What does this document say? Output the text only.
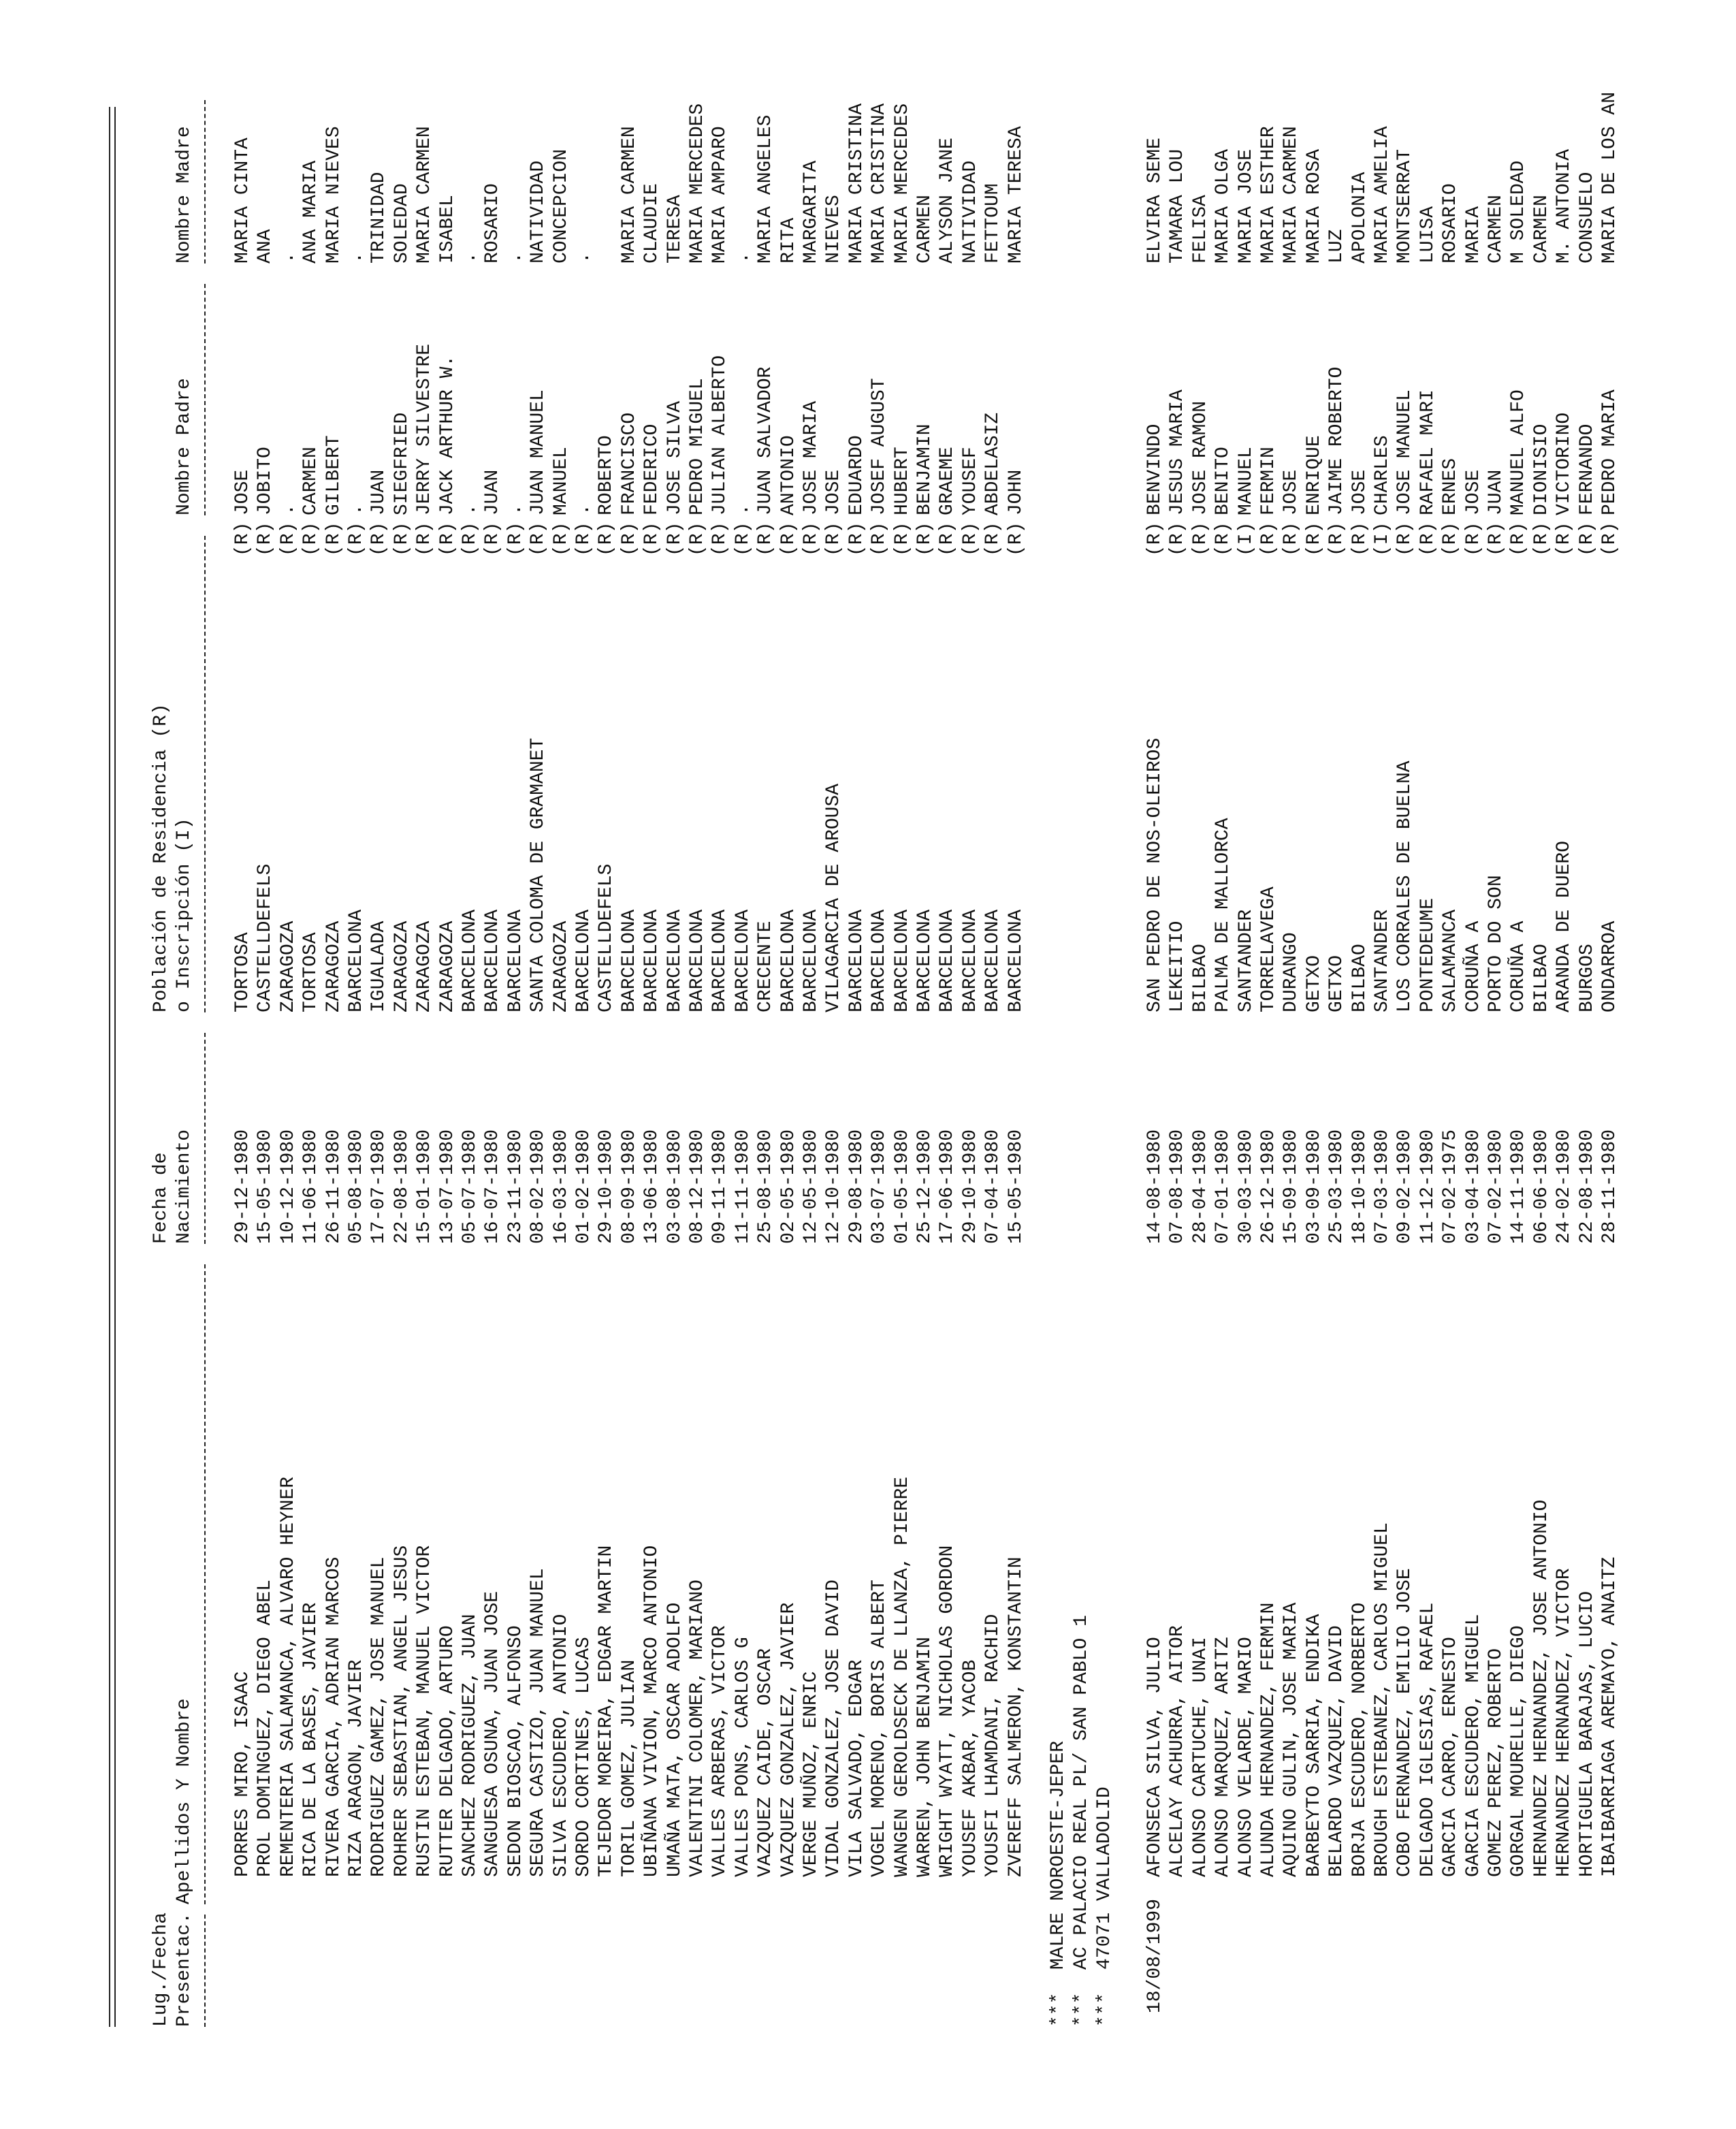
Lug./Fecha Presentac.
Apellidos Y Nombre
Fecha de Nacimiento
Población de Residencia (R) o Inscripción (I)
Nombre Padre
Nombre Madre
PORRES MIRO, ISAAC
29-12-1980
TORTOSA
(R)
JOSE
MARIA CINTA
PROL DOMINGUEZ, DIEGO ABEL
15-05-1980
CASTELLDEFELS
(R)
JOBITO
ANA
REMENTERIA SALAMANCA, ALVARO HEYNER
10-12-1980
ZARAGOZA
(R)
.
.
RICA DE LA BASES, JAVIER
11-06-1980
TORTOSA
(R)
CARMEN
ANA MARIA
RIVERA GARCIA, ADRIAN MARCOS
26-11-1980
ZARAGOZA
(R)
GILBERT
MARIA NIEVES
RIZA ARAGON, JAVIER
05-08-1980
BARCELONA
(R)
.
.
RODRIGUEZ GAMEZ, JOSE MANUEL
17-07-1980
IGUALADA
(R)
JUAN
TRINIDAD
ROHRER SEBASTIAN, ANGEL JESUS
22-08-1980
ZARAGOZA
(R)
SIEGFRIED
SOLEDAD
RUSTIN ESTEBAN, MANUEL VICTOR
15-01-1980
ZARAGOZA
(R)
JERRY SILVESTRE
MARIA CARMEN
RUTTER DELGADO, ARTURO
13-07-1980
ZARAGOZA
(R)
JACK ARTHUR W.
ISABEL
SANCHEZ RODRIGUEZ, JUAN
05-07-1980
BARCELONA
(R)
.
.
SANGUESA OSUNA, JUAN JOSE
16-07-1980
BARCELONA
(R)
JUAN
ROSARIO
SEDON BIOSCAO, ALFONSO
23-11-1980
BARCELONA
(R)
.
.
SEGURA CASTIZO, JUAN MANUEL
08-02-1980
SANTA COLOMA DE GRAMANET
(R)
JUAN MANUEL
NATIVIDAD
SILVA ESCUDERO, ANTONIO
16-03-1980
ZARAGOZA
(R)
MANUEL
CONCEPCION
SORDO CORTINES, LUCAS
01-02-1980
BARCELONA
(R)
.
.
TEJEDOR MOREIRA, EDGAR MARTIN
29-10-1980
CASTELLDEFELS
(R)
ROBERTO
TORIL GOMEZ, JULIAN
08-09-1980
BARCELONA
(R)
FRANCISCO
MARIA CARMEN
UBIÑANA VIVION, MARCO ANTONIO
13-06-1980
BARCELONA
(R)
FEDERICO
CLAUDIE
UMAÑA MATA, OSCAR ADOLFO
03-08-1980
BARCELONA
(R)
JOSE SILVA
TERESA
VALENTINI COLOMER, MARIANO
08-12-1980
BARCELONA
(R)
PEDRO MIGUEL
MARIA MERCEDES
VALLES ARBERAS, VICTOR
09-11-1980
BARCELONA
(R)
JULIAN ALBERTO
MARIA AMPARO
VALLES PONS, CARLOS G
11-11-1980
BARCELONA
(R)
.
.
VAZQUEZ CAIDE, OSCAR
25-08-1980
CRECENTE
(R)
JUAN SALVADOR
MARIA ANGELES
VAZQUEZ GONZALEZ, JAVIER
02-05-1980
BARCELONA
(R)
ANTONIO
RITA
VERGE MUÑOZ, ENRIC
12-05-1980
BARCELONA
(R)
JOSE MARIA
MARGARITA
VIDAL GONZALEZ, JOSE DAVID
12-10-1980
VILAGARCIA DE AROUSA
(R)
JOSE
NIEVES
VILA SALVADO, EDGAR
29-08-1980
BARCELONA
(R)
EDUARDO
MARIA CRISTINA
VOGEL MORENO, BORIS ALBERT
03-07-1980
BARCELONA
(R)
JOSEF AUGUST
MARIA CRISTINA
WANGEN GEROLDSECK DE LLANZA, PIERRE
01-05-1980
BARCELONA
(R)
HUBERT
MARIA MERCEDES
WARREN, JOHN BENJAMIN
25-12-1980
BARCELONA
(R)
BENJAMIN
CARMEN
WRIGHT WYATT, NICHOLAS GORDON
17-06-1980
BARCELONA
(R)
GRAEME
ALYSON JANE
YOUSEF AKBAR, YACOB
29-10-1980
BARCELONA
(R)
YOUSEF
NATIVIDAD
YOUSFI LHAMDANI, RACHID
07-04-1980
BARCELONA
(R)
ABDELASIZ
FETTOUM
ZVEREFF SALMERON, KONSTANTIN
15-05-1980
BARCELONA
(R)
JOHN
MARIA TERESA
***  MALRE NOROESTE-JEPER ***  AC PALACIO REAL PL/ SAN PABLO 1 ***  47071 VALLADOLID 18/08/1999
AFONSECA SILVA, JULIO
14-08-1980
SAN PEDRO DE NOS-OLEIROS
(R)
BENVINDO
ELVIRA SEME
ALCELAY ACHURRA, AITOR
07-08-1980
LEKEITIO
(R)
JESUS MARIA
TAMARA LOU
ALONSO CARTUCHE, UNAI
28-04-1980
BILBAO
(R)
JOSE RAMON
FELISA
ALONSO MARQUEZ, ARITZ
07-01-1980
PALMA DE MALLORCA
(R)
BENITO
MARIA OLGA
ALONSO VELARDE, MARIO
30-03-1980
SANTANDER
(I)
MANUEL
MARIA JOSE
ALUNDA HERNANDEZ, FERMIN
26-12-1980
TORRELAVEGA
(R)
FERMIN
MARIA ESTHER
AQUINO GULIN, JOSE MARIA
15-09-1980
DURANGO
(R)
JOSE
MARIA CARMEN
BARBEYTO SARRIA, ENDIKA
03-09-1980
GETXO
(R)
ENRIQUE
MARIA ROSA
BELARDO VAZQUEZ, DAVID
25-03-1980
GETXO
(R)
JAIME ROBERTO
LUZ
BORJA ESCUDERO, NORBERTO
18-10-1980
BILBAO
(R)
JOSE
APOLONIA
BROUGH ESTEBANEZ, CARLOS MIGUEL
07-03-1980
SANTANDER
(I)
CHARLES
MARIA AMELIA
COBO FERNANDEZ, EMILIO JOSE
09-02-1980
LOS CORRALES DE BUELNA
(R)
JOSE MANUEL
MONTSERRAT
DELGADO IGLESIAS, RAFAEL
11-12-1980
PONTEDEUME
(R)
RAFAEL MARI
LUISA
GARCIA CARRO, ERNESTO
07-02-1975
SALAMANCA
(R)
ERNES
ROSARIO
GARCIA ESCUDERO, MIGUEL
03-04-1980
CORUÑA A
(R)
JOSE
MARIA
GOMEZ PEREZ, ROBERTO
07-02-1980
PORTO DO SON
(R)
JUAN
CARMEN
GORGAL MOURELLE, DIEGO
14-11-1980
CORUÑA A
(R)
MANUEL ALFO
M SOLEDAD
HERNANDEZ HERNANDEZ, JOSE ANTONIO
06-06-1980
BILBAO
(R)
DIONISIO
CARMEN
HERNANDEZ HERNANDEZ, VICTOR
24-02-1980
ARANDA DE DUERO
(R)
VICTORINO
M. ANTONIA
HORTIGUELA BARAJAS, LUCIO
22-08-1980
BURGOS
(R)
FERNANDO
CONSUELO
IBAIBARRIAGA AREMAYO, ANAITZ
28-11-1980
ONDARROA
(R)
PEDRO MARIA
MARIA DE LOS AN
